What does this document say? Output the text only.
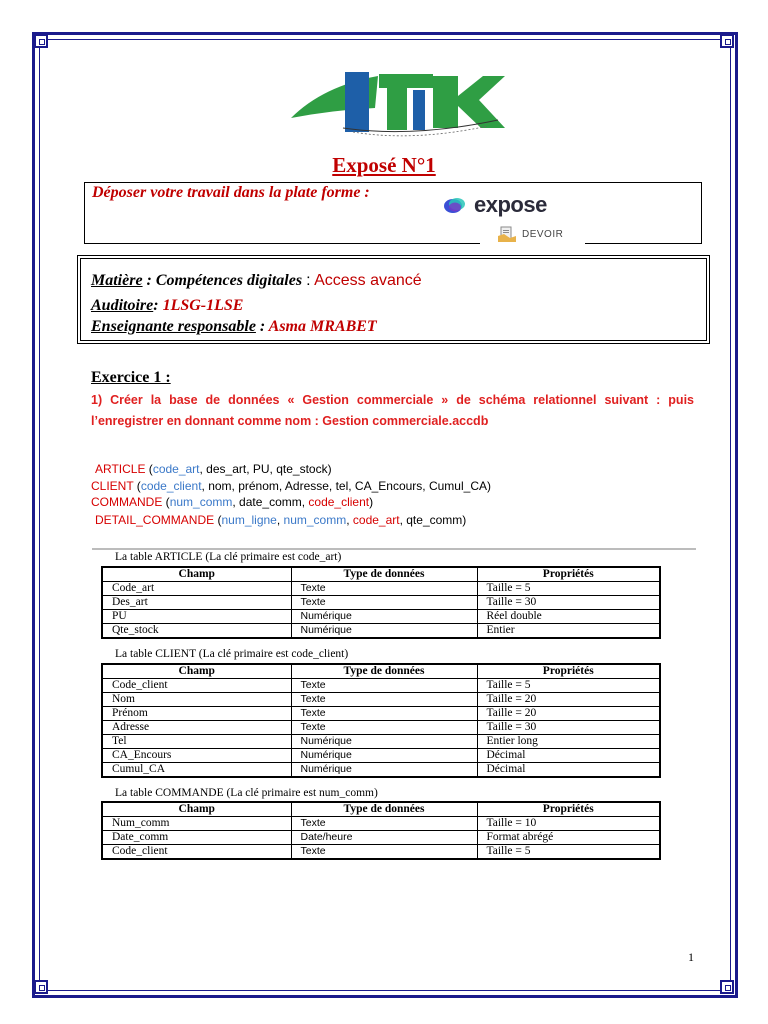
Exposé N°1
Déposer votre travail dans la plate forme :	expose
DEVOIR
Matière : Compétences digitales : Access avancé
Auditoire: 1LSG-1LSE
Enseignante responsable : Asma MRABET
Exercice 1 :
1) Créer la base de données « Gestion commerciale » de schéma relationnel suivant : puis l’enregistrer en donnant comme nom : Gestion commerciale.accdb
ARTICLE (code_art, des_art, PU, qte_stock)
CLIENT (code_client, nom, prénom, Adresse, tel, CA_Encours, Cumul_CA)
COMMANDE (num_comm, date_comm, code_client)
DETAIL_COMMANDE (num_ligne, num_comm, code_art, qte_comm)
La table ARTICLE (La clé primaire est code_art)
Champ	Type de données	Propriétés
Code_art	Texte	Taille = 5
Des_art	Texte	Taille = 30
PU	Numérique	Réel double
Qte_stock	Numérique	Entier
La table CLIENT (La clé primaire est code_client)
Champ	Type de données	Propriétés
Code_client	Texte	Taille = 5
Nom	Texte	Taille = 20
Prénom	Texte	Taille = 20
Adresse	Texte	Taille = 30
Tel	Numérique	Entier long
CA_Encours	Numérique	Décimal
Cumul_CA	Numérique	Décimal
La table COMMANDE (La clé primaire est num_comm)
Champ	Type de données	Propriétés
Num_comm	Texte	Taille = 10
Date_comm	Date/heure	Format abrégé
Code_client	Texte	Taille = 5
1
